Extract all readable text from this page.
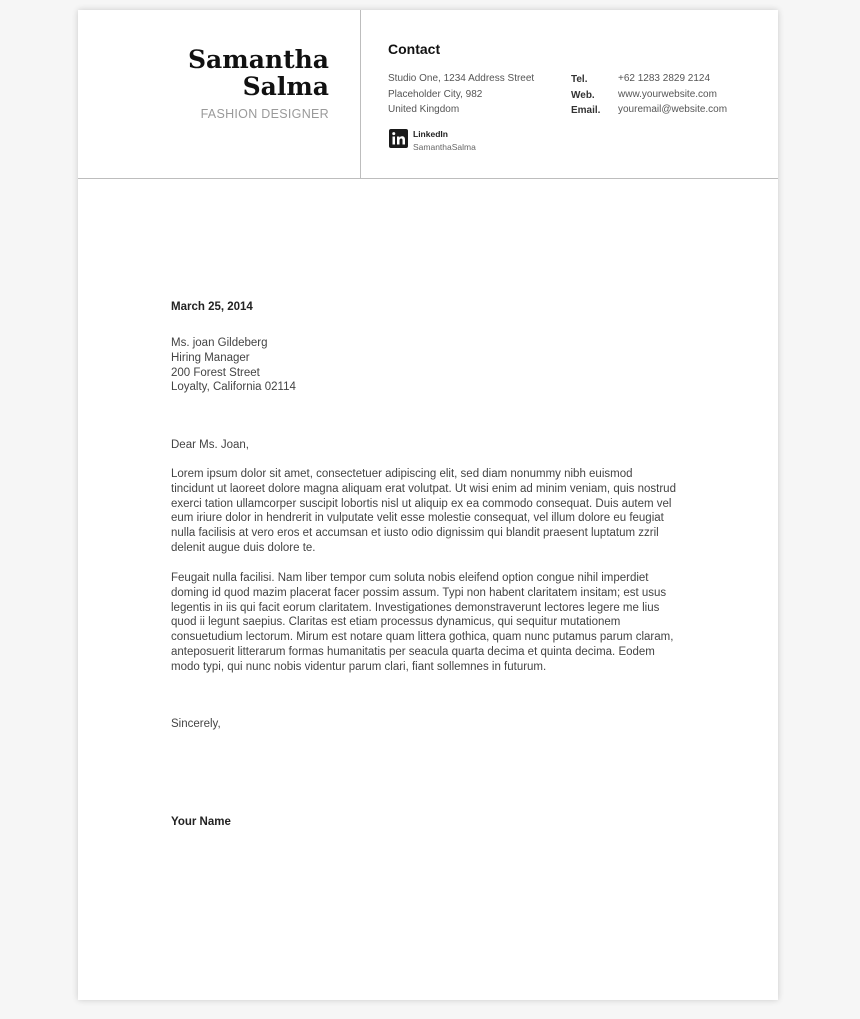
Samantha
Salma
FASHION DESIGNER
Contact
Studio One, 1234 Address Street
Placeholder City, 982
United Kingdom
Tel.
Web.
Email.
+62 1283 2829 2124
www.yourwebsite.com
youremail@website.com
LinkedIn
SamanthaSalma
March 25, 2014
Ms. joan Gildeberg
Hiring Manager
200 Forest Street
Loyalty, California 02114
Dear Ms. Joan,

Lorem ipsum dolor sit amet, consectetuer adipiscing elit, sed diam nonummy nibh euismod tincidunt ut laoreet dolore magna aliquam erat volutpat. Ut wisi enim ad minim veniam, quis nostrud exerci tation ullamcorper suscipit lobortis nisl ut aliquip ex ea commodo consequat. Duis autem vel eum iriure dolor in hendrerit in vulputate velit esse molestie consequat, vel illum dolore eu feugiat nulla facilisis at vero eros et accumsan et iusto odio dignissim qui blandit praesent luptatum zzril delenit augue duis dolore te.

Feugait nulla facilisi. Nam liber tempor cum soluta nobis eleifend option congue nihil imperdiet doming id quod mazim placerat facer possim assum. Typi non habent claritatem insitam; est usus legentis in iis qui facit eorum claritatem. Investigationes demonstraverunt lectores legere me lius quod ii legunt saepius. Claritas est etiam processus dynamicus, qui sequitur mutationem consuetudium lectorum. Mirum est notare quam littera gothica, quam nunc putamus parum claram, anteposuerit litterarum formas humanitatis per seacula quarta decima et quinta decima. Eodem modo typi, qui nunc nobis videntur parum clari, fiant sollemnes in futurum.

Sincerely,
Your Name
